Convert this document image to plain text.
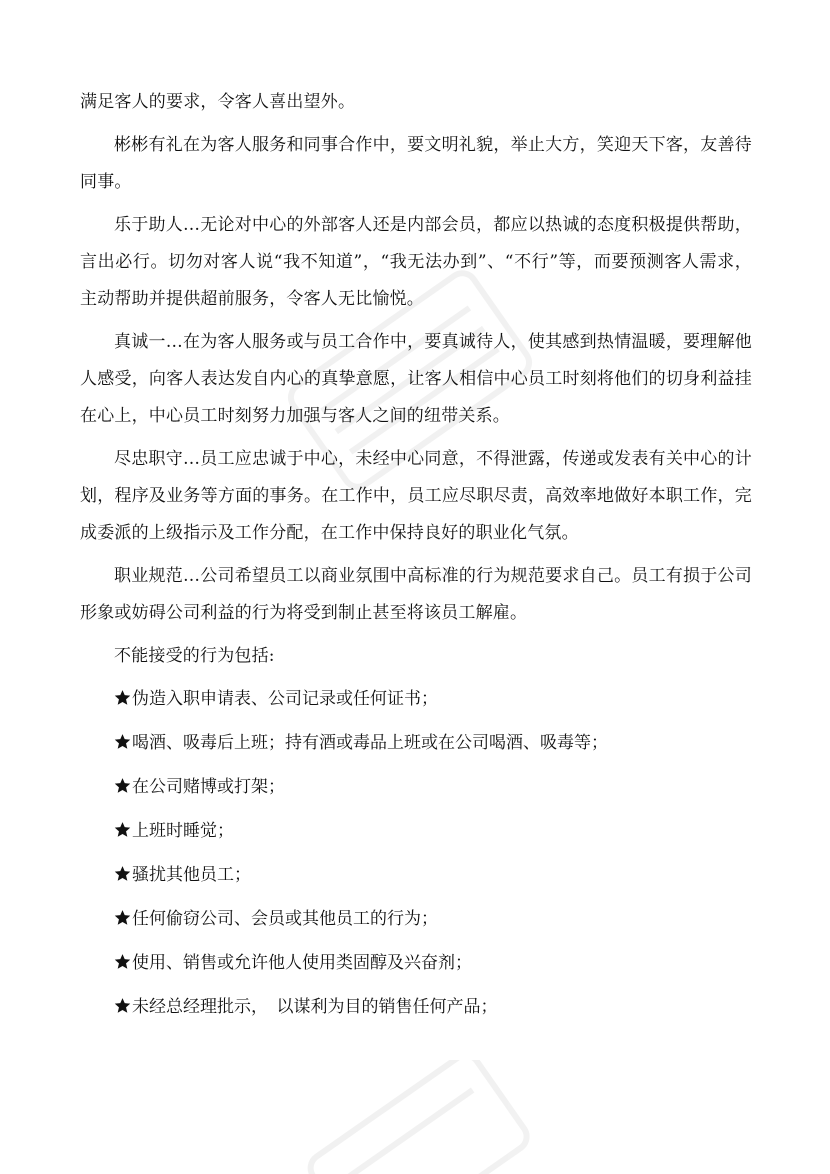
满足客人的要求，令客人喜出望外。

彬彬有礼在为客人服务和同事合作中，要文明礼貌，举止大方，笑迎天下客，友善待同事。

乐于助人…无论对中心的外部客人还是内部会员，都应以热诚的态度积极提供帮助，言出必行。切勿对客人说“我不知道”，“我无法办到”、“不行”等，而要预测客人需求，主动帮助并提供超前服务，令客人无比愉悦。

真诚一…在为客人服务或与员工合作中，要真诚待人，使其感到热情温暖，要理解他人感受，向客人表达发自内心的真挚意愿，让客人相信中心员工时刻将他们的切身利益挂在心上，中心员工时刻努力加强与客人之间的纽带关系。

尽忠职守…员工应忠诚于中心，未经中心同意，不得泄露，传递或发表有关中心的计划，程序及业务等方面的事务。在工作中，员工应尽职尽责，高效率地做好本职工作，完成委派的上级指示及工作分配，在工作中保持良好的职业化气氛。

职业规范…公司希望员工以商业氛围中高标准的行为规范要求自己。员工有损于公司形象或妨碍公司利益的行为将受到制止甚至将该员工解雇。

不能接受的行为包括:

伪造入职申请表、公司记录或任何证书；
喝酒、吸毒后上班；持有酒或毒品上班或在公司喝酒、吸毒等；
在公司赌博或打架；
上班时睡觉；
骚扰其他员工；
任何偷窃公司、会员或其他员工的行为；
使用、销售或允许他人使用类固醇及兴奋剂；
未经总经理批示，　以谋利为目的销售任何产品；
